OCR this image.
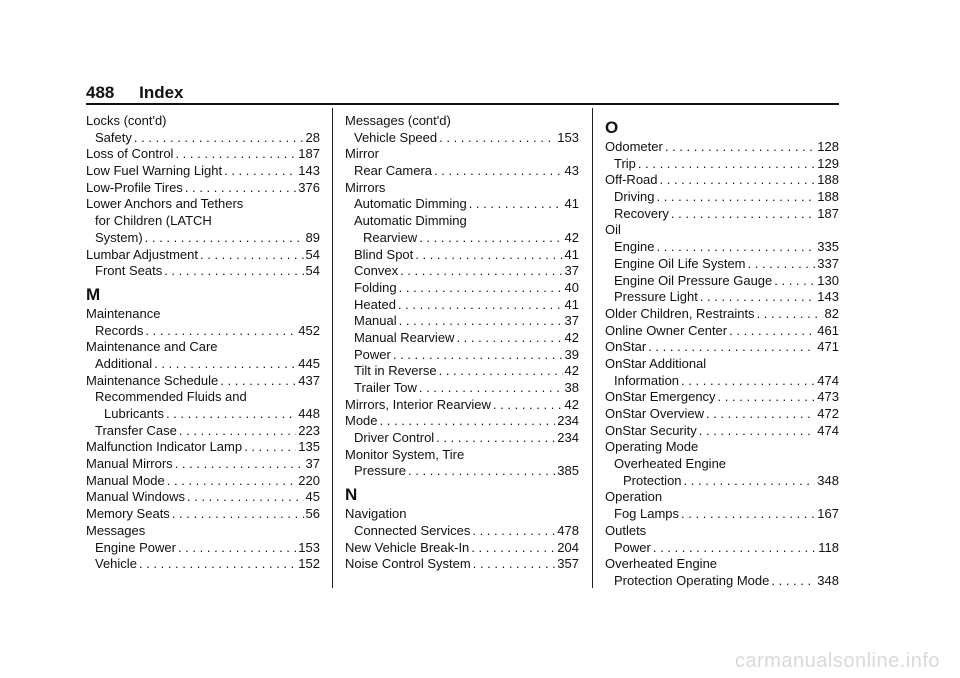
488 Index
Locks (cont'd)
Safety . . .	28
Loss of Control . . .	187
Low Fuel Warning Light . . .	143
Low-Profile Tires . . .	376
Lower Anchors and Tethers
for Children (LATCH
System) . . .	89
Lumbar Adjustment . . .	54
Front Seats . . .	54
M
Maintenance
Records . . .	452
Maintenance and Care
Additional . . .	445
Maintenance Schedule . . .	437
Recommended Fluids and
Lubricants . . .	448
Transfer Case . . .	223
Malfunction Indicator Lamp . . .	135
Manual Mirrors . . .	37
Manual Mode . . .	220
Manual Windows . . .	45
Memory Seats . . .	56
Messages
Engine Power . . .	153
Vehicle . . .	152
Messages (cont'd)
Vehicle Speed . . .	153
Mirror
Rear Camera . . .	43
Mirrors
Automatic Dimming . . .	41
Automatic Dimming
Rearview . . .	42
Blind Spot . . .	41
Convex . . .	37
Folding . . .	40
Heated . . .	41
Manual . . .	37
Manual Rearview . . .	42
Power . . .	39
Tilt in Reverse . . .	42
Trailer Tow . . .	38
Mirrors, Interior Rearview . . .	42
Mode . . .	234
Driver Control . . .	234
Monitor System, Tire
Pressure . . .	385
N
Navigation
Connected Services . . .	478
New Vehicle Break-In . . .	204
Noise Control System . . .	357
O
Odometer . . .	128
Trip . . .	129
Off-Road . . .	188
Driving . . .	188
Recovery . . .	187
Oil
Engine . . .	335
Engine Oil Life System . . .	337
Engine Oil Pressure Gauge . . .	130
Pressure Light . . .	143
Older Children, Restraints . . .	82
Online Owner Center . . .	461
OnStar . . .	471
OnStar Additional
Information . . .	474
OnStar Emergency . . .	473
OnStar Overview . . .	472
OnStar Security . . .	474
Operating Mode
Overheated Engine
Protection . . .	348
Operation
Fog Lamps . . .	167
Outlets
Power . . .	118
Overheated Engine
Protection Operating Mode . . .	348
carmanualsonline.info
